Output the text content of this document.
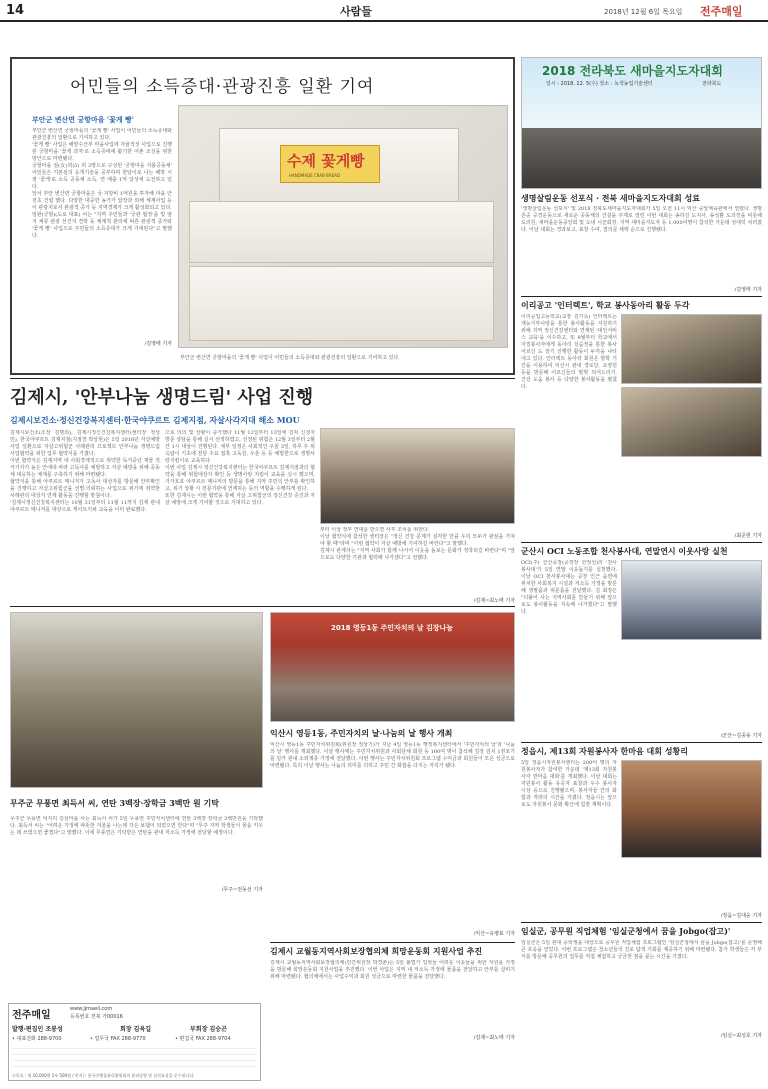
14	사람들	2018년 12월 6일 목요일 전주매일
어민들의 소득증대·관광진흥 일환 기여
부안군 변산면 궁항마을 '꽃게 빵'

부안군 변산면 궁항마을의 '꽃게 빵' 사업이 어민들의 소득증대와 관광진흥의 일환으로 기여하고 있다.

'꽃게 빵' 사업은 해양수산부 마을사업에 자율적성 사업으로 진행된 궁항마을 '꽃게 과자'로 소득증대에 활기한 어촌 조성을 위한 방안으로 마련됐다.

궁항마을 심(女)외(5) 외 3명으로 구성된 '궁항마을 지블공동체' 어민들은 기본심의 응개기술을 공부하며 한달이로 나는 혜박 시절 '꽃게'로 소득 공동체 소득, 연 매출 1억 달성에 도전하고 있다.

앞서 부안 변산면 궁항마을은 국·지방비 1억원을 투자해 마을 안전초 건립 했다. 다양한 대중한 농가가 답장과 외해 체계사업 등이 관광지로서 관광객 증가 등 지역경제가 크게 활성화되고 있다.

임완(궁항)(도로 대표) 씨는 "지역 주민들과 '궁관 협정'을 및 옆지 체류 관광 선진지 견학 등 체계적 관리에 따른 관광객 증가와 '꽃게 빵' 사업으로 주민들의 소득증대가 크게 기대된다"고 말했다.

/김영태 기자
수제 꽃게빵
HANDMADE CRAB BREAD
부안군 변산면 궁항마을의 '꽃게 빵' 사업이 어민들의 소득증대와 관광진흥의 일환으로 기여하고 있다.
2018 전라북도 새마을지도자대회
일시 : 2018. 12. 5(수) 장소 : 녹색농업기술센터	전라북도
생명살림운동 선포식 · 전북 새마을지도자대회 성료
'생명살림운동 선포식' 및 2018 전북도새마을지도자대회가 5일 오전 11시 익산 중앙체육관에서 열렸다. 생명 존중 공경운동으로 새로운 공동체의 건설을 주제로 열린 이번 대회는 송하진 도지사, 송성환 도의장을 비롯해 도의원, 새마을운동중앙회 및 도내 시군회장, 지역 새마을지도자 등 1,000여명이 참석한 가운데 성대히 치러졌다. 이날 대회는 경과보고, 표창 수여, 결의문 채택 순으로 진행됐다.
/김영태 기자
이리공고 '인터렉트', 학교 봉사동아리 활동 두각
이리공업고등학교(교장 김기옥) 인터렉트는 재능기부사랑을 통한 봉사활동을 지원하기 위해 지역 정신건강센터와 연계된 '대인서비스 교육'을 이수하고, 또 8월부터 학교에서 자질봉사자에게 동아리 실습정을 통한 봉사 어르신 도 장기 진행한 활동이 두각을 나타내고 있다. 인터렉트 동아리 회원은 방학 기간을 이용하여 익산시 관내 경로당, 요양원 등을 방문해 어르신들의 말벗 되어드리기, 건강 도움 봉사 등 다양한 봉사활동을 펼쳤다.
/최준현 기자
군산시 OCI 노동조합 천사봉사대, 연말연시 이웃사랑 실천
OCI(주) 군산공장(공장장 한정선)의 '천사봉사대'가 5일 연말 이웃돕기를 실천했다. 이날 OCI 천사봉사대는 공장 인근 읍면에 위치한 사회복지 시설과 저소득 가정을 방문해 생필품과 위문품을 전달했다. 김 회장은 "더불어 사는 지역사회를 만들기 위해 앞으로도 봉사활동을 지속해 나가겠다"고 말했다.
/군산=김종용 기자
정읍시, 제13회 자원봉사자 한마음 대회 성황리
5일 정읍시자원봉사센터는 200여 명의 자원봉사자가 참여한 가운데 '제13회 자원봉사자 한마음 대회'를 개최했다. 이날 대회는 자원봉사 활동 유공자 표창과 우수 봉사자 시상 등으로 진행됐으며, 봉사자들 간의 화합과 격려의 시간을 가졌다. 정읍시는 앞으로도 자원봉사 문화 확산에 힘쓸 계획이다.
/정읍=김대웅 기자
임실군, 공무원 직업체험 '임실군청에서 꿈을 Jobgo(잡고)'
임실군은 5일 관내 중학생을 대상으로 공무원 직업체험 프로그램인 '임실군청에서 꿈을 Jobgo(잡고)'를 운영해 큰 호응을 얻었다. 이번 프로그램은 청소년들의 진로 탐색 기회를 제공하기 위해 마련됐다. 참가 학생들은 각 부서를 방문해 공무원의 업무를 직접 체험하고 궁금한 점을 묻는 시간을 가졌다.
/임실=최성호 기자
김제시, '안부나눔 생명드림' 사업 진행
김제시보건소·정신건강복지센터·한국야쿠르트 김제지점, 자살사각지대 해소 MOU

김제시보건소(소장 김명희), 김제시정신건강복지센터(센터장 정성민), 한국야쿠르트 김제지점(지점장 박상현)은 5일 2018년 자살예방사업 일환으로 자살고위험군 사례관리 프로젝트 안부나눔 생명드림 사업협약을 위한 업무 협약식을 가졌다.

이번 협약식은 김제지역 내 사회경제적으로 취약한 독거중년 재물 적극기자가 높은 안에대 따라 고독사를 예방하고 자살 예방을 위해 공동체 대응하는 체계를 구축하기 위해 마련됐다.

협약식을 통해 야쿠르트 매니저가 고독사 대상자를 방문해 안부확인을 진행하고 자살고위험군을 선별·의뢰하는 사업으로 위기에 취약한 사례관리 대상자 연계 활동을 진행할 방침이다.

'김제시정신건강복지센터는 10월 31일부터 11월 11까지 김제 관내 야쿠르트 매니저를 대상으로 게이트키퍼 교육을 이미 완료했다.

으로 의의 및 상황이 증가했다 11월 12일부터 13일에 걸쳐 신청자 방문 상담을 통해 실시 선정하였고, 선정된 위험은 12월 3일부터 2월간 1시 대상이 진행된다. 세부 일정은 사회적인 우울 3일, 하루 우 위 옥탑이 기초에 전담 주요 접촉 고독감, 우울 등 등 예방한으로 생명사랑지킴이로 교육하다.

이번 사업 김제시 정신건강복지센터는 한국야쿠르트 김제지점과의 협약을 통해 위험대상자 확인 등 생명사랑 지킴이 교육을 실시 했으며, 가가호호 야쿠르트 매니저의 방문을 통해 지역 주민의 안부를 확인하고, 위기 상황 시 전문기관에 연계하는 등의 역할을 수행하게 된다.

또한 김제시는 이번 협약을 통해 자살 고위험군의 정신건강 증진과 자살 예방에 크게 기여할 것으로 기대하고 있다.

부터 이상 정부 연대를 받으면 사후 조치를 취한다.

이날 협약식에 참석한 센터장은 "정신 건강 문제가 심각한 만큼 우리 모두가 관심을 가져야 할 때"라며 "이번 협약이 자살 예방에 기여하길 바란다"고 말했다.

김제시 관계자는 "지역 사회가 함께 나서서 이웃을 돌보는 문화가 정착되길 바란다"며 "앞으로도 다양한 기관과 협력해 나가겠다"고 전했다.

/김제=최노태 기자
무주군 무풍면 최득서 씨, 연탄 3백장·장학금 3백만 원 기탁
무주군 무풍면 덕지리 김삼마을 사는 최득서 씨가 5일 무풍면 주민자치센터에 연탄 3백장 장학금 3백만원을 기탁했다. 최득서 씨는 "어려운 가정에 따뜻한 겨울을 나는데 작은 보탬이 되었으면 한다"며 "무주 지역 학생들이 꿈을 키우는 데 쓰였으면 좋겠다"고 말했다. 이에 무풍면은 기탁받은 연탄을 관내 저소득 가정에 전달할 예정이다.
/무주=전동선 기자
2018 영등1동 주민자치의 날 김장나눔
익산시 영등1동, 주민자치의 날·나눔의 날 행사 개최
익산시 영등1동 주민자치위원회(위원장 정상기)가 지난 4일 영등1동 행정복지센터에서 '주민자치의 날'과 '나눔의 날' 행사를 개최했다. 이날 행사에는 주민자치위원과 사회단체 회원 등 100여 명이 참석해 김장 김치 1천포기를 담가 관내 소외계층 가정에 전달했다. 이번 행사는 주민자치위원회 프로그램 수익금과 회원들이 모은 성금으로 마련됐다. 특히 이날 행사는 나눔의 의미를 더하고 주민 간 화합을 다지는 자리가 됐다.
/익산=유병표 기자
김제시 교월동지역사회보장협의체 희망운동회 지원사업 추진
김제시 교월동지역사회보장협의체(민간위원장 박경춘)는 5일 불법가 입학들 어려운 이웃들을 위한 자원을 가정을 방문해 희망운동회 지원사업을 추진했다. 이번 사업은 지역 내 저소득 가정에 물품을 전달하고 안부를 살피기 위해 마련됐다. 협의체에서는 사업수익과 회원 성금으로 마련한 물품을 전달했다.
/김제=최노태 기자
전주매일
www.jjmaeil.com
등록번호 전북 가00016
발행·편집인 조봉성	회장 김육길	부회장 김승곤
• 대표전화 288-9700	• 업무국 FAX 288-9770	• 편집국 FAX 288-9704
구독료 : 월 10,000원 1부 500원 / 본지는 한국간행물윤리위원회의 윤리강령 및 실천요강을 준수합니다.
